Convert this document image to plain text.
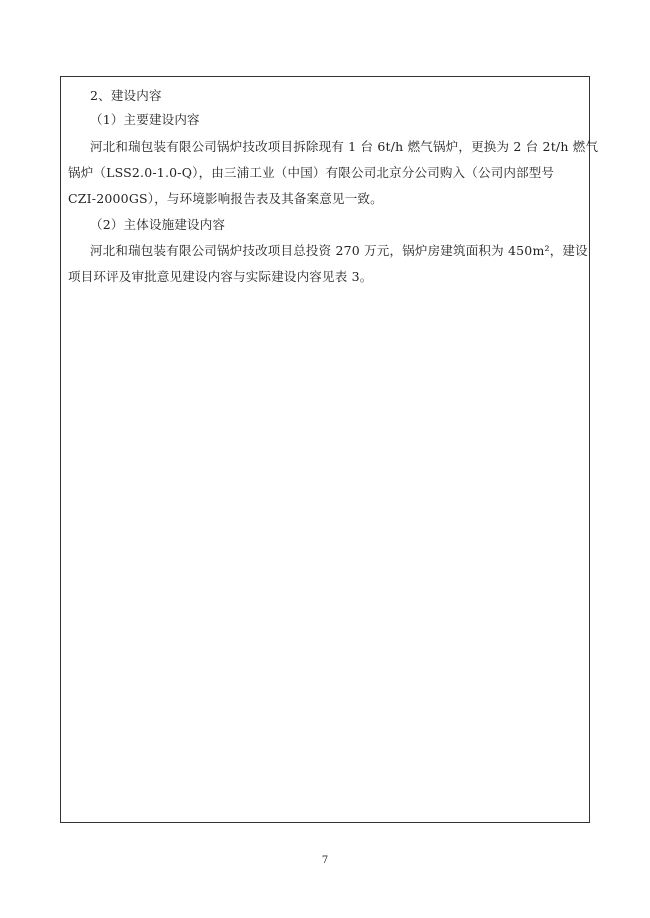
2、建设内容
（1）主要建设内容
河北和瑞包装有限公司锅炉技改项目拆除现有 1 台 6t/h 燃气锅炉，更换为 2 台 2t/h 燃气
锅炉（LSS2.0-1.0-Q），由三浦工业（中国）有限公司北京分公司购入（公司内部型号
CZI-2000GS），与环境影响报告表及其备案意见一致。
（2）主体设施建设内容
河北和瑞包装有限公司锅炉技改项目总投资 270 万元，锅炉房建筑面积为 450m²，建设
项目环评及审批意见建设内容与实际建设内容见表 3。
7
